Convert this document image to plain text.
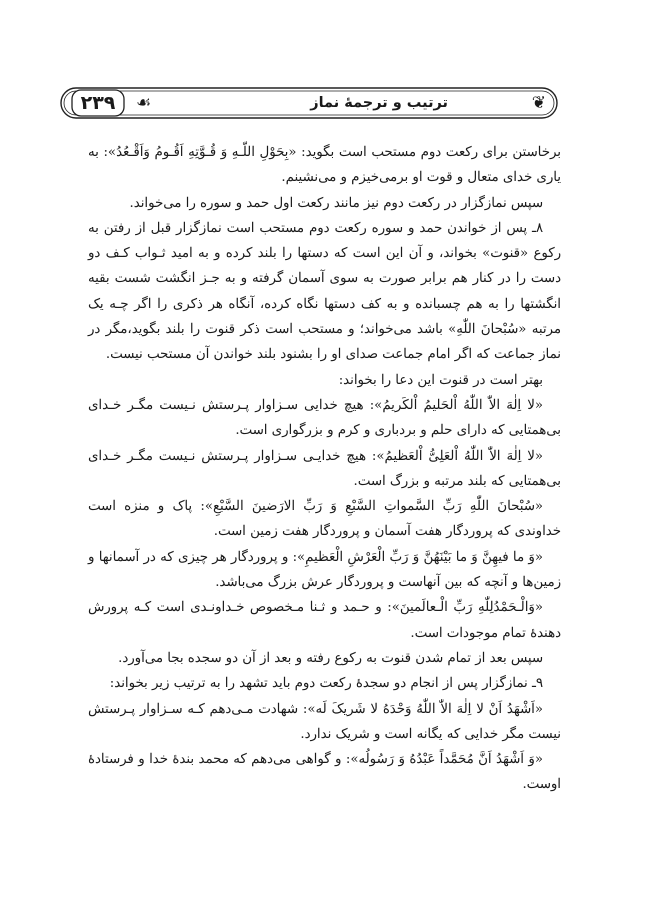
۲۳۹	☙	ترتیب و ترجمهٔ نماز	❦

برخاستن برای رکعت دوم مستحب است بگوید: «بِحَوْلِ اللّـهِ وَ قُـوَّتِهِ اَقُـومُ وَاَقْـعُدُ»: به یاری خدای متعال و قوت او برمی‌خیزم و می‌نشینم.

سپس نمازگزار در رکعت دوم نیز مانند رکعت اول حمد و سوره را می‌خواند.

۸ـ پس از خواندن حمد و سوره رکعت دوم مستحب است نمازگزار قبل از رفتن به رکوع «قنوت» بخواند، و آن این است که دستها را بلند کرده و به امید ثـواب کـف دو دست را در کنار هم برابر صورت به سوی آسمان گرفته و به جـز انگشت شست بقیه انگشتها را به هم چسبانده و به کف دستها نگاه کرده، آنگاه هر ذکری را اگر چـه یک مرتبه «سُبْحانَ اللّٰهِ» باشد می‌خواند؛ و مستحب است ذکر قنوت را بلند بگوید،مگر در نماز جماعت که اگر امام جماعت صدای او را بشنود بلند خواندن آن مستحب نیست.

بهتر است در قنوت این دعا را بخواند:

«لا اِلٰهَ الاّٰ اللّٰهُ اْلحَلیمُ اْلکَریمُ»: هیچ خدایی سـزاوار پـرستش نـیست مگـر خـدای بی‌همتایی که دارای حلم و بردباری و کرم و بزرگواری است.

«لا اِلٰهَ الاّٰ اللّٰهُ اْلعَلِیُّ اْلعَظیمُ»: هیچ خدایـی سـزاوار پـرستش نـیست مگـر خـدای بی‌همتایی که بلند مرتبه و بزرگ است.

«سُبْحانَ اللّٰهِ رَبِّ السَّمواتِ السَّبْعِ وَ رَبِّ الارَضینَ السَّبْعِ»: پاک و منزه است خداوندی که پروردگار هفت آسمان و پروردگار هفت زمین است.

«وَ ما فیهِنَّ وَ ما بَیْنَهُنَّ وَ رَبِّ الْعَرْشِ الْعَظیمِ»: و پروردگار هر چیزی که در آسمانها و زمین‌ها و آنچه که بین آنهاست و پروردگار عرش بزرگ می‌باشد.

«وَالْـحَمْدُلِلّٰهِ رَبِّ الْـعالَمینَ»: و حـمد و ثـنا مـخصوص خـداونـدی است کـه پرورش دهندهٔ تمام موجودات است.

سپس بعد از تمام شدن قنوت به رکوع رفته و بعد از آن دو سجده بجا می‌آورد.

۹ـ نمازگزار پس از انجام دو سجدهٔ رکعت دوم باید تشهد را به ترتیب زیر بخواند:

«اَشْهَدُ اَنْ لا اِلٰهَ الاّٰ اللّٰهُ وَحْدَهُ لا شَریکَ لَه»: شهادت مـی‌دهم کـه سـزاوار پـرستش نیست مگر خدایی که یگانه است و شریک ندارد.

«وَ اَشْهَدُ اَنَّ مُحَمَّداً عَبْدُهُ وَ رَسُولُه»: و گواهی می‌دهم که محمد بندهٔ خدا و فرستادهٔ اوست.
